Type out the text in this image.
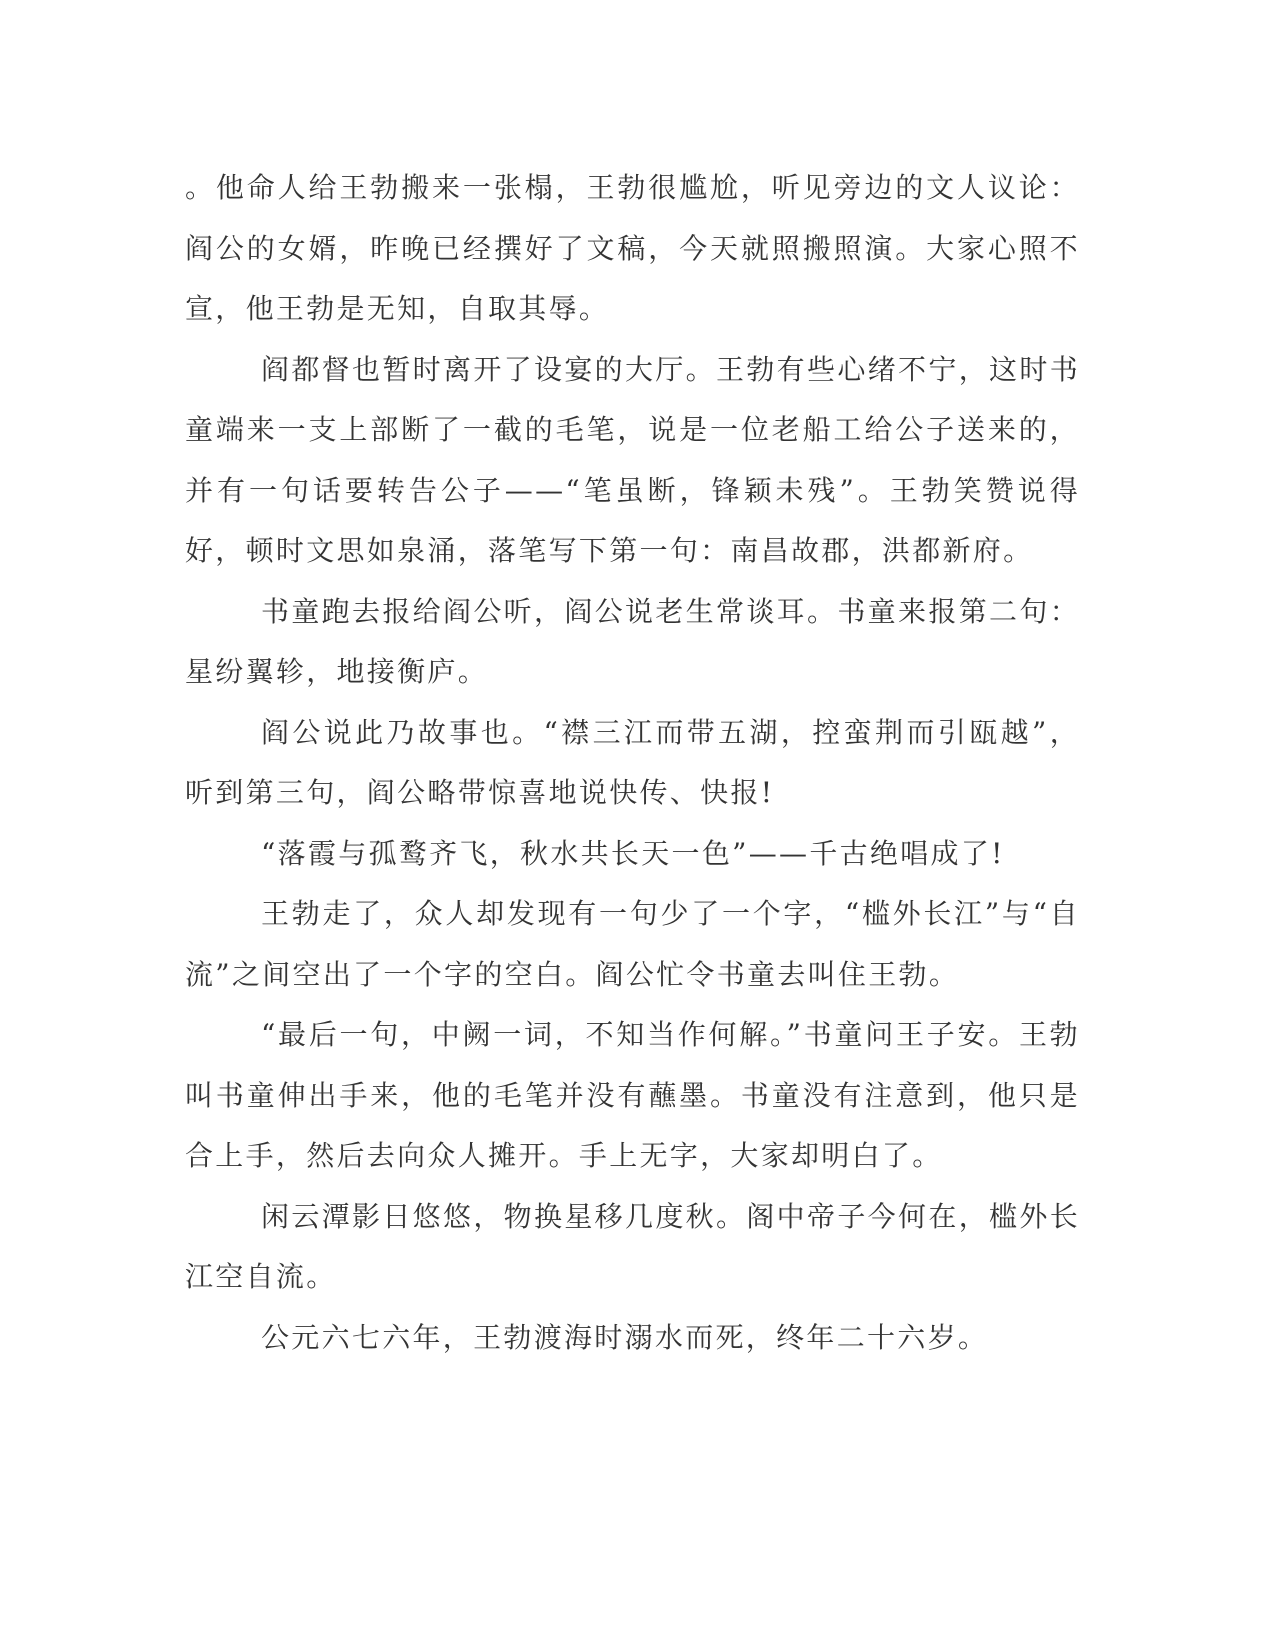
。他命人给王勃搬来一张榻，王勃很尴尬，听见旁边的文人议论：阎公的女婿，昨晚已经撰好了文稿，今天就照搬照演。大家心照不宣，他王勃是无知，自取其辱。

阎都督也暂时离开了设宴的大厅。王勃有些心绪不宁，这时书童端来一支上部断了一截的毛笔，说是一位老船工给公子送来的，并有一句话要转告公子——“笔虽断，锋颖未残”。王勃笑赞说得好，顿时文思如泉涌，落笔写下第一句：南昌故郡，洪都新府。

书童跑去报给阎公听，阎公说老生常谈耳。书童来报第二句：星纷翼轸，地接衡庐。

阎公说此乃故事也。“襟三江而带五湖，控蛮荆而引瓯越”，听到第三句，阎公略带惊喜地说快传、快报!

“落霞与孤鹜齐飞，秋水共长天一色”——千古绝唱成了!

王勃走了，众人却发现有一句少了一个字，“槛外长江”与“自流”之间空出了一个字的空白。阎公忙令书童去叫住王勃。

“最后一句，中阙一词，不知当作何解。”书童问王子安。王勃叫书童伸出手来，他的毛笔并没有蘸墨。书童没有注意到，他只是合上手，然后去向众人摊开。手上无字，大家却明白了。

闲云潭影日悠悠，物换星移几度秋。阁中帝子今何在，槛外长江空自流。

公元六七六年，王勃渡海时溺水而死，终年二十六岁。
